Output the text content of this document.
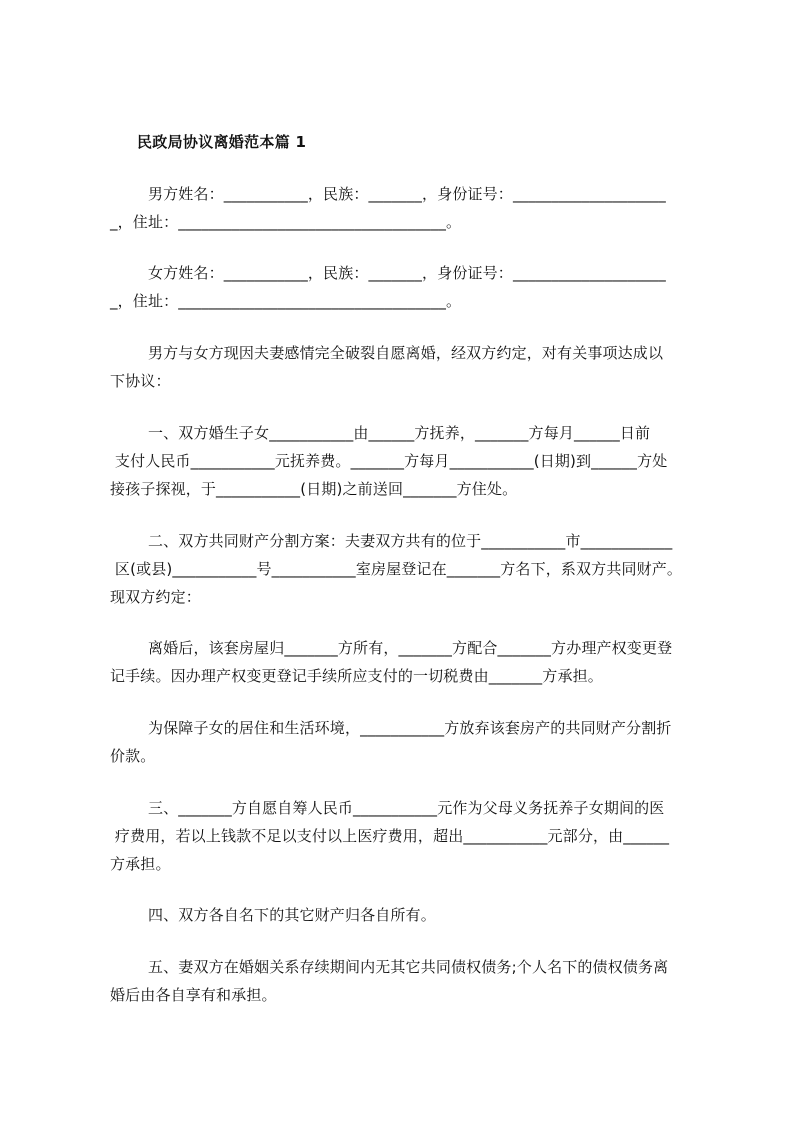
民政局协议离婚范本篇 1
男方姓名：___________，民族：_______，身份证号：____________________
_，住址：___________________________________。
女方姓名：___________，民族：_______，身份证号：____________________
_，住址：___________________________________。
男方与女方现因夫妻感情完全破裂自愿离婚，经双方约定，对有关事项达成以
下协议：
一、双方婚生子女___________由______方抚养，_______方每月______日前
支付人民币___________元抚养费。_______方每月___________(日期)到______方处
接孩子探视，于___________(日期)之前送回_______方住处。
二、双方共同财产分割方案：夫妻双方共有的位于___________市____________
区(或县)___________号___________室房屋登记在_______方名下，系双方共同财产。
现双方约定：
离婚后，该套房屋归_______方所有，_______方配合_______方办理产权变更登
记手续。因办理产权变更登记手续所应支付的一切税费由_______方承担。
为保障子女的居住和生活环境，___________方放弃该套房产的共同财产分割折
价款。
三、_______方自愿自筹人民币___________元作为父母义务抚养子女期间的医
疗费用，若以上钱款不足以支付以上医疗费用，超出___________元部分，由______
方承担。
四、双方各自名下的其它财产归各自所有。
五、妻双方在婚姻关系存续期间内无其它共同债权债务;个人名下的债权债务离
婚后由各自享有和承担。
